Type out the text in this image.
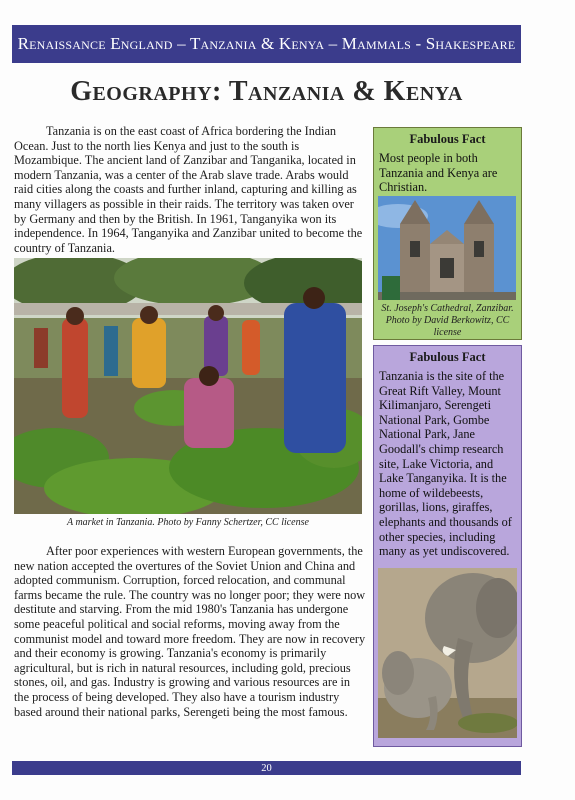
Renaissance England – Tanzania & Kenya – Mammals - Shakespeare
Geography: Tanzania & Kenya

Tanzania is on the east coast of Africa bordering the Indian Ocean. Just to the north lies Kenya and just to the south is Mozambique. The ancient land of Zanzibar and Tanganika, located in modern Tanzania, was a center of the Arab slave trade. Arabs would raid cities along the coasts and further inland, capturing and killing as many villagers as possible in their raids. The territory was taken over by Germany and then by the British. In 1961, Tanganyika won its independence. In 1964, Tanganyika and Zanzibar united to become the country of Tanzania.

A market in Tanzania. Photo by Fanny Schertzer, CC license

After poor experiences with western European governments, the new nation accepted the overtures of the Soviet Union and China and adopted communism. Corruption, forced relocation, and communal farms became the rule. The country was no longer poor; they were now destitute and starving. From the mid 1980's Tanzania has undergone some peaceful political and social reforms, moving away from the communist model and toward more freedom. They are now in recovery and their economy is growing. Tanzania's economy is primarily agricultural, but is rich in natural resources, including gold, precious stones, oil, and gas. Industry is growing and various resources are in the process of being developed. They also have a tourism industry based around their national parks, Serengeti being the most famous.

Fabulous Fact
Most people in both Tanzania and Kenya are Christian.
St. Joseph's Cathedral, Zanzibar. Photo by David Berkowitz, CC license
Fabulous Fact
Tanzania is the site of the Great Rift Valley, Mount Kilimanjaro, Serengeti National Park, Gombe National Park, Jane Goodall's chimp research site, Lake Victoria, and Lake Tanganyika. It is the home of wildebeests, gorillas, lions, giraffes, elephants and thousands of other species, including many as yet undiscovered.
20
